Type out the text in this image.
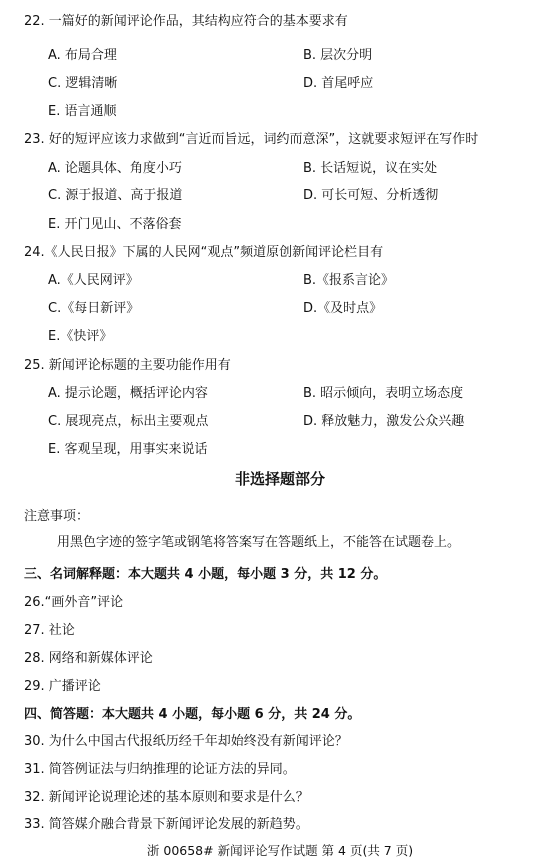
22. 一篇好的新闻评论作品，其结构应符合的基本要求有
A. 布局合理	B. 层次分明
C. 逻辑清晰	D. 首尾呼应
E. 语言通顺
23. 好的短评应该力求做到“言近而旨远，词约而意深”，这就要求短评在写作时
A. 论题具体、角度小巧	B. 长话短说，议在实处
C. 源于报道、高于报道	D. 可长可短、分析透彻
E. 开门见山、不落俗套
24.《人民日报》下属的人民网“观点”频道原创新闻评论栏目有
A.《人民网评》	B.《报系言论》
C.《每日新评》	D.《及时点》
E.《快评》
25. 新闻评论标题的主要功能作用有
A. 提示论题，概括评论内容	B. 昭示倾向，表明立场态度
C. 展现亮点，标出主要观点	D. 释放魅力，激发公众兴趣
E. 客观呈现，用事实来说话
非选择题部分
注意事项：
用黑色字迹的签字笔或钢笔将答案写在答题纸上，不能答在试题卷上。
三、名词解释题：本大题共 4 小题，每小题 3 分，共 12 分。
26.“画外音”评论
27. 社论
28. 网络和新媒体评论
29. 广播评论
四、简答题：本大题共 4 小题，每小题 6 分，共 24 分。
30. 为什么中国古代报纸历经千年却始终没有新闻评论？
31. 简答例证法与归纳推理的论证方法的异同。
32. 新闻评论说理论述的基本原则和要求是什么？
33. 简答媒介融合背景下新闻评论发展的新趋势。
浙 00658# 新闻评论写作试题 第 4 页(共 7 页)
